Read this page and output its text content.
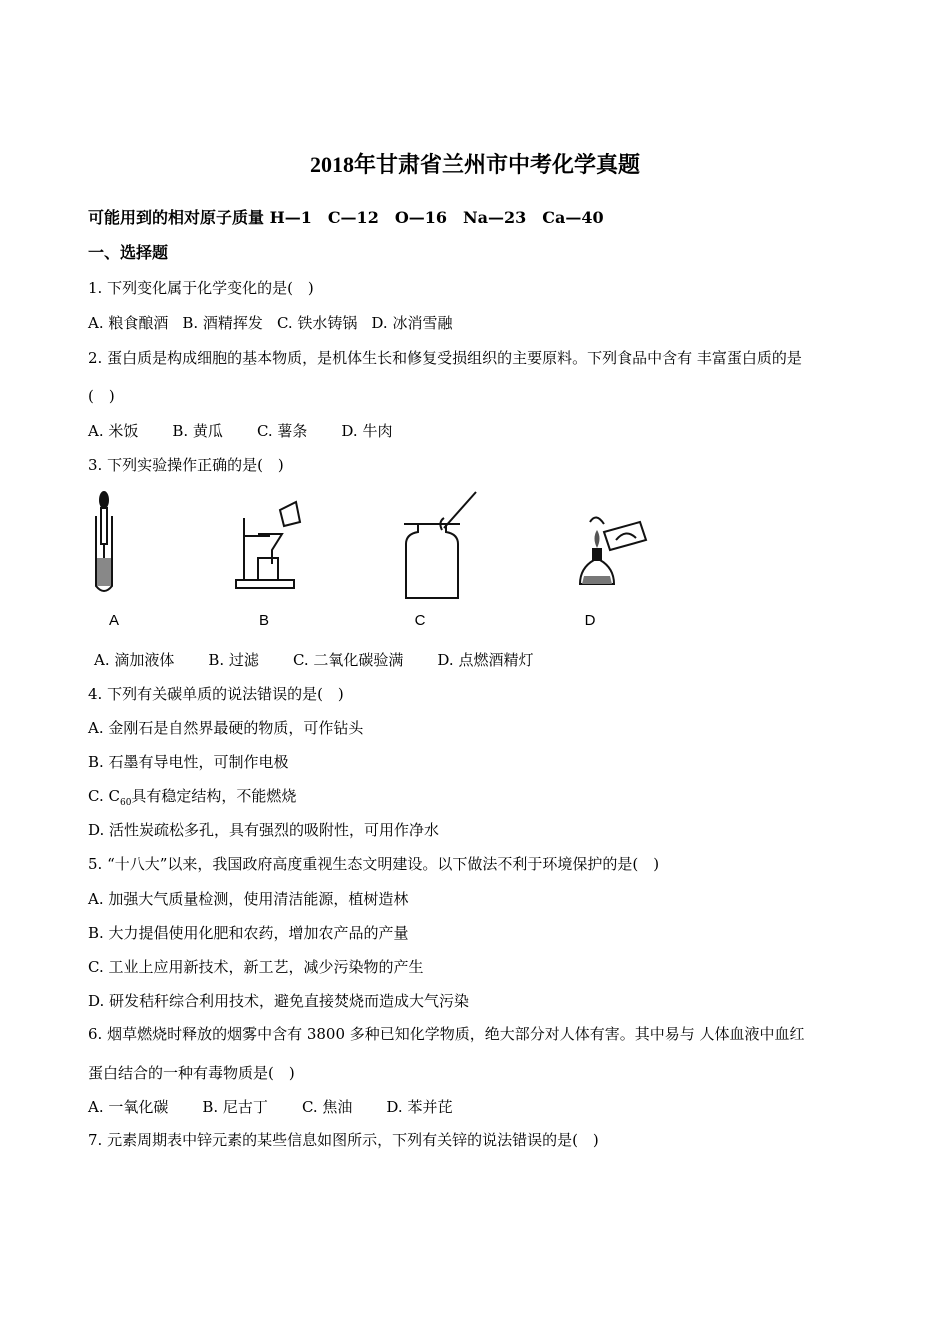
2018年甘肃省兰州市中考化学真题
可能用到的相对原子质量 H—1　C—12　O—16　Na—23　Ca—40
一、选择题
1. 下列变化属于化学变化的是(　)
A. 粮食酿酒 B. 酒精挥发 C. 铁水铸锅 D. 冰消雪融
2. 蛋白质是构成细胞的基本物质，是机体生长和修复受损组织的主要原料。下列食品中含有 丰富蛋白质的是
(　)
A. 米饭 B. 黄瓜 C. 薯条 D. 牛肉
3. 下列实验操作正确的是(　)
A	B	C	D
A. 滴加液体 B. 过滤 C. 二氧化碳验满 D. 点燃酒精灯
4. 下列有关碳单质的说法错误的是(　)
A. 金刚石是自然界最硬的物质，可作钻头
B. 石墨有导电性，可制作电极
C. $C_{60}$具有稳定结构，不能燃烧
D. 活性炭疏松多孔，具有强烈的吸附性，可用作净水
5. “十八大”以来，我国政府高度重视生态文明建设。以下做法不利于环境保护的是(　)
A. 加强大气质量检测，使用清洁能源，植树造林
B. 大力提倡使用化肥和农药，增加农产品的产量
C. 工业上应用新技术，新工艺，减少污染物的产生
D. 研发秸秆综合利用技术，避免直接焚烧而造成大气污染
6. 烟草燃烧时释放的烟雾中含有 3800 多种已知化学物质，绝大部分对人体有害。其中易与 人体血液中血红
蛋白结合的一种有毒物质是(　)
A. 一氧化碳 B. 尼古丁 C. 焦油 D. 苯并芘
7. 元素周期表中锌元素的某些信息如图所示，下列有关锌的说法错误的是(　)
